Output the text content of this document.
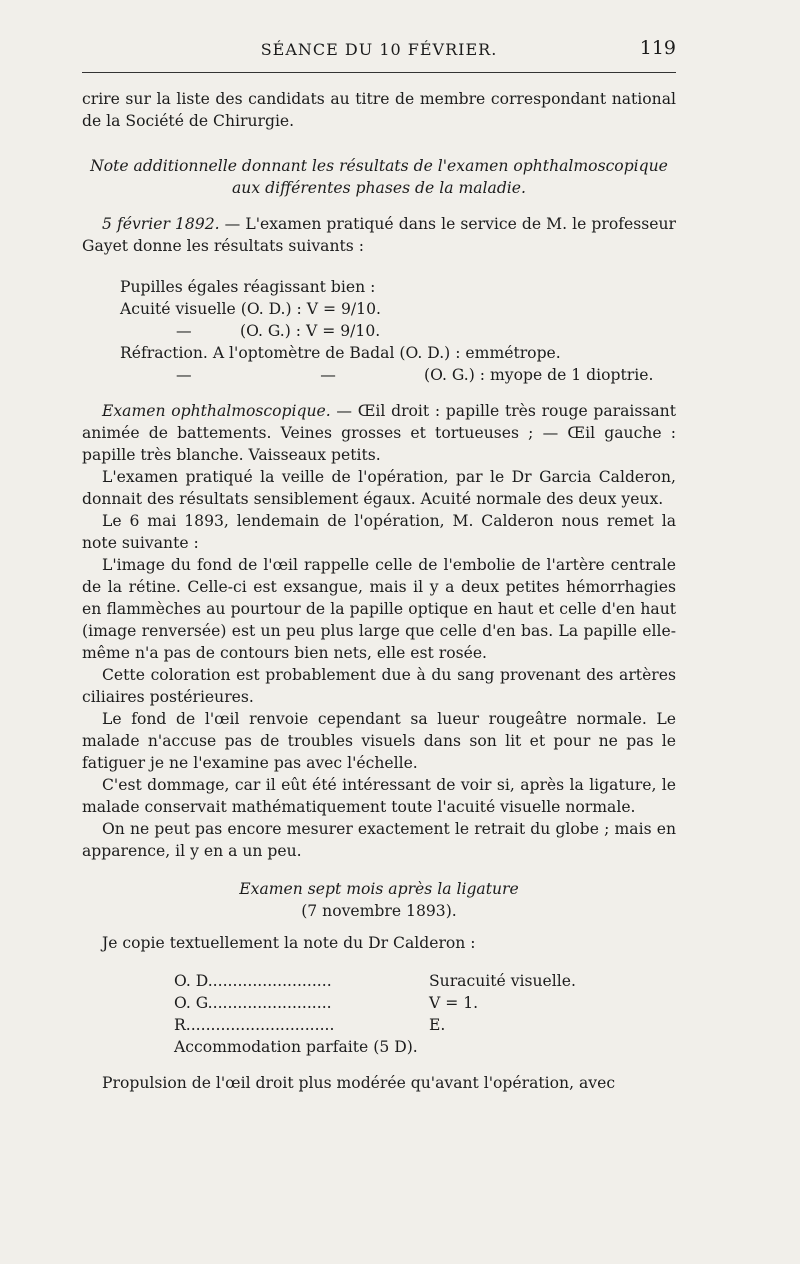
SÉANCE DU 10 FÉVRIER.	119

crire sur la liste des candidats au titre de membre correspondant national de la Société de Chirurgie.

Note additionnelle donnant les résultats de l'examen ophthalmoscopique
aux différentes phases de la maladie.

5 février 1892. — L'examen pratiqué dans le service de M. le professeur Gayet donne les résultats suivants :

Pupilles égales réagissant bien :
Acuité visuelle
(O. D.) : V = 9/10.
—	(O. G.) : V = 9/10.
Réfraction. A l'optomètre de Badal (O. D.) : emmétrope.
—	—	(O. G.) : myope de 1 dioptrie.

Examen ophthalmoscopique. — Œil droit : papille très rouge paraissant animée de battements. Veines grosses et tortueuses ; — Œil gauche : papille très blanche. Vaisseaux petits.

L'examen pratiqué la veille de l'opération, par le Dr Garcia Calderon, donnait des résultats sensiblement égaux. Acuité normale des deux yeux.

Le 6 mai 1893, lendemain de l'opération, M. Calderon nous remet la note suivante :

L'image du fond de l'œil rappelle celle de l'embolie de l'artère centrale de la rétine. Celle-ci est exsangue, mais il y a deux petites hémorrhagies en flammèches au pourtour de la papille optique en haut et celle d'en haut (image renversée) est un peu plus large que celle d'en bas. La papille elle-même n'a pas de contours bien nets, elle est rosée.

Cette coloration est probablement due à du sang provenant des artères ciliaires postérieures.

Le fond de l'œil renvoie cependant sa lueur rougeâtre normale. Le malade n'accuse pas de troubles visuels dans son lit et pour ne pas le fatiguer je ne l'examine pas avec l'échelle.

C'est dommage, car il eût été intéressant de voir si, après la ligature, le malade conservait mathématiquement toute l'acuité visuelle normale.

On ne peut pas encore mesurer exactement le retrait du globe ; mais en apparence, il y en a un peu.

Examen sept mois après la ligature
(7 novembre 1893).

Je copie textuellement la note du Dr Calderon :

O. D.........................	Suracuité visuelle.
O. G.........................	V = 1.
R..............................	E.
Accommodation parfaite (5 D).

Propulsion de l'œil droit plus modérée qu'avant l'opération, avec
